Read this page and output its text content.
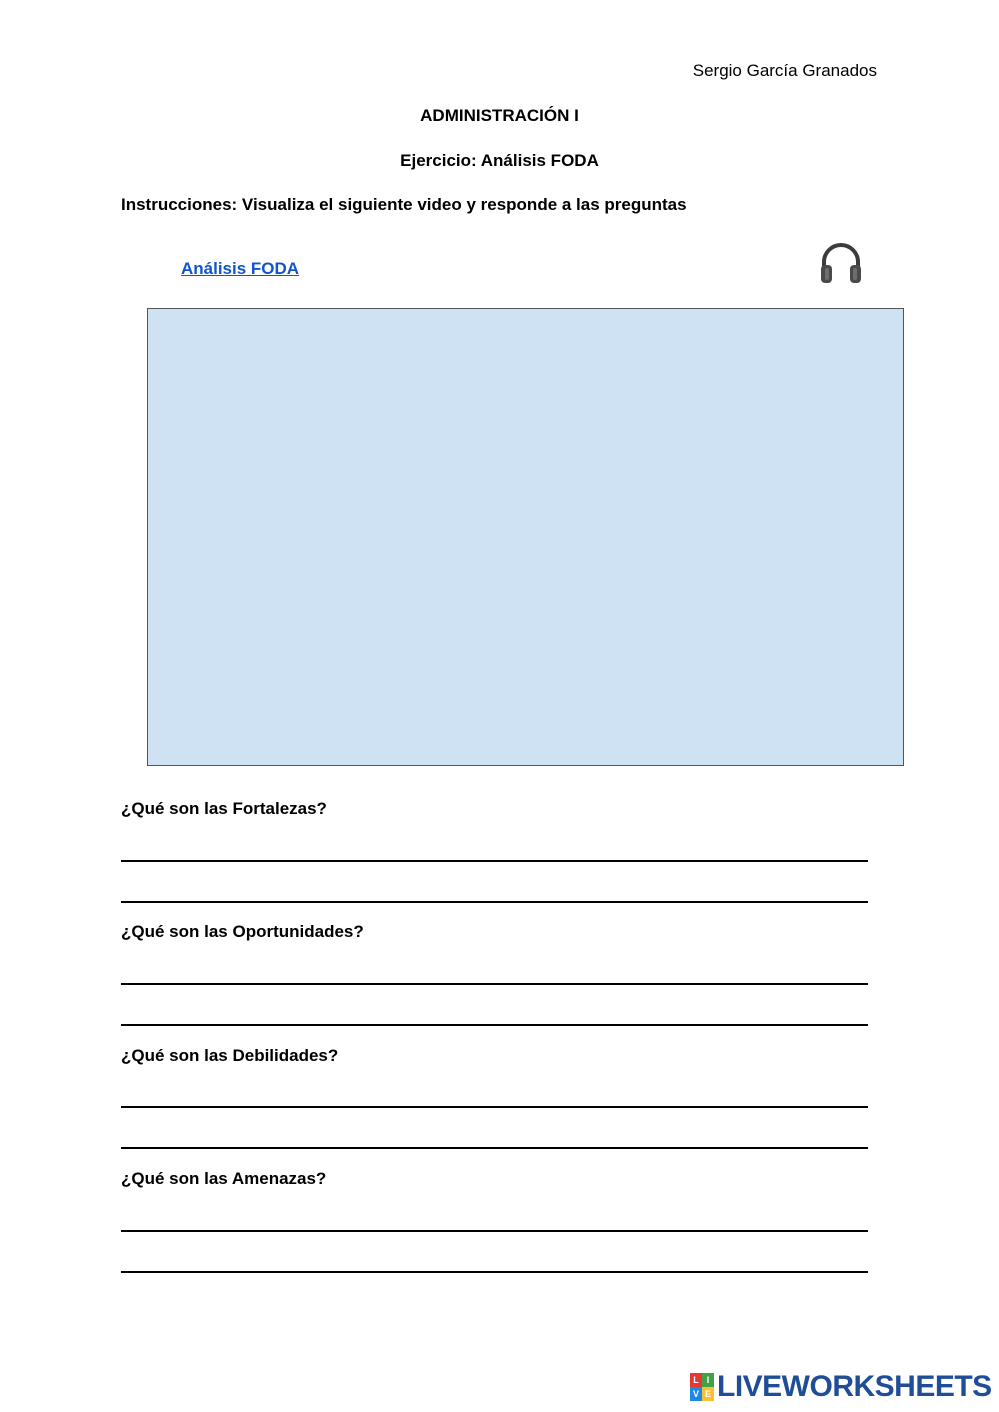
Sergio García Granados
ADMINISTRACIÓN I
Ejercicio: Análisis FODA
Instrucciones: Visualiza el siguiente video y responde a las preguntas
Análisis FODA
¿Qué son las Fortalezas?
¿Qué son las Oportunidades?
¿Qué son las Debilidades?
¿Qué son las Amenazas?
L I
V E LIVEWORKSHEETS
